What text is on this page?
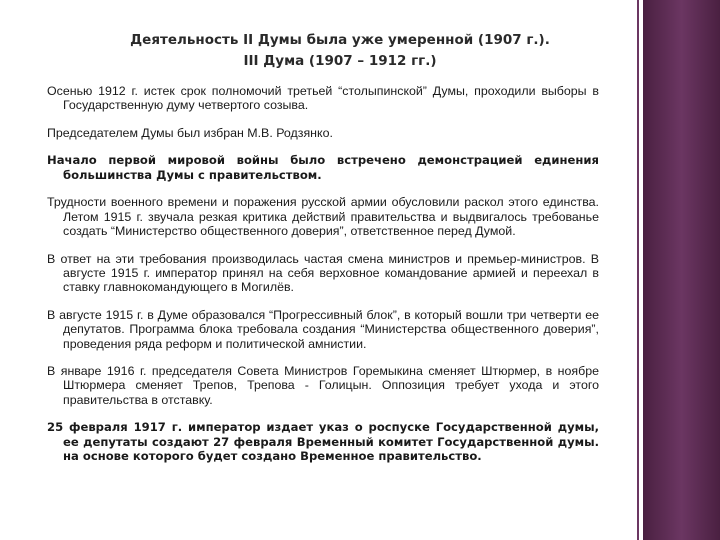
Деятельность II Думы была уже умеренной (1907 г.).
III Дума (1907 – 1912 гг.)

Осенью 1912 г. истек срок полномочий третьей “столыпинской” Думы, проходили выборы в Государственную думу четвертого созыва.

Председателем Думы был избран М.В. Родзянко.

Начало первой мировой войны было встречено демонстрацией единения большинства Думы с правительством.

Трудности военного времени и поражения русской армии обусловили раскол этого единства. Летом 1915 г. звучала резкая критика действий правительства и выдвигалось требованье создать “Министерство общественного доверия”, ответственное перед Думой.

В ответ на эти требования производилась частая смена министров и премьер-министров. В августе 1915 г. император принял на себя верховное командование армией и переехал в ставку главнокомандующего в Могилёв.

В августе 1915 г. в Думе образовался “Прогрессивный блок”, в который вошли три четверти ее депутатов. Программа блока требовала создания “Министерства общественного доверия”, проведения ряда реформ и политической амнистии.

В январе 1916 г. председателя Совета Министров Горемыкина сменяет Штюрмер, в ноябре Штюрмера сменяет Трепов, Трепова - Голицын. Оппозиция требует ухода и этого правительства в отставку.

25 февраля 1917 г. император издает указ о роспуске Государственной думы, ее депутаты создают 27 февраля Временный комитет Государственной думы. на основе которого будет создано Временное правительство.
